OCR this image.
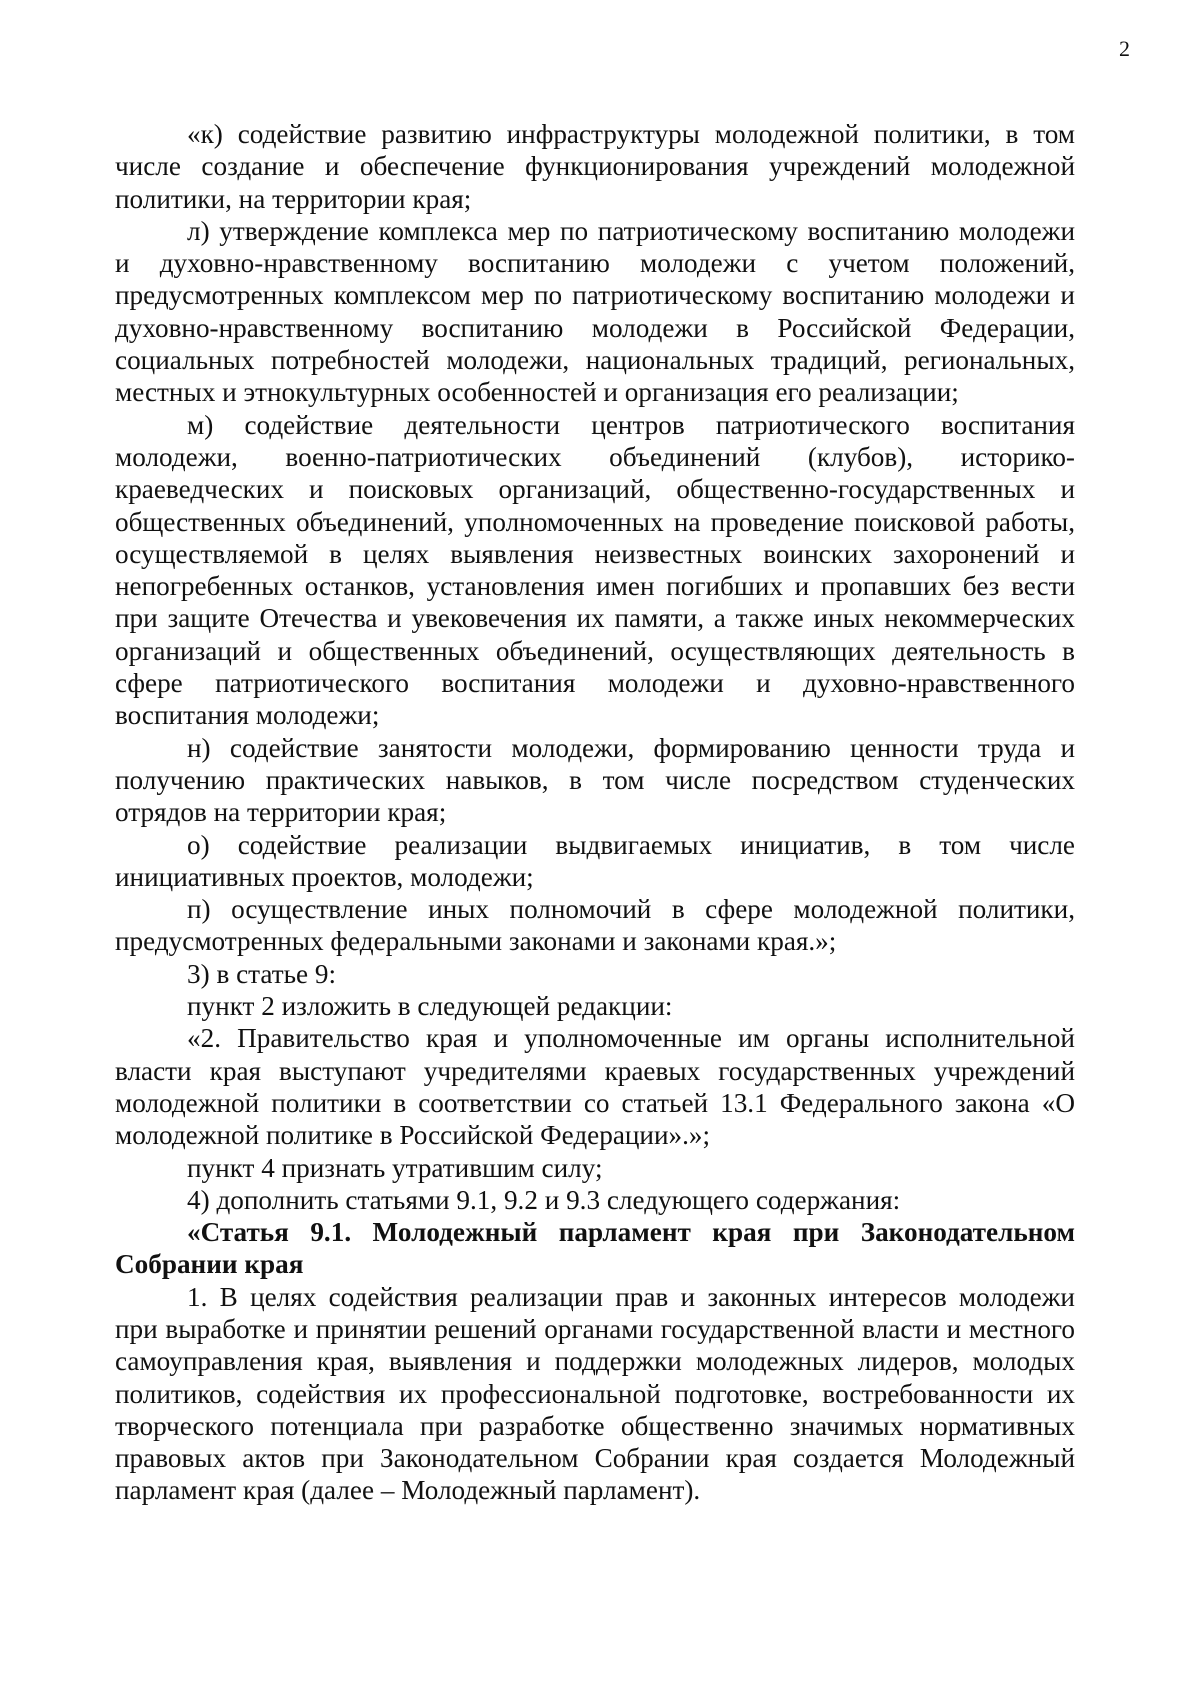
2

«к) содействие развитию инфраструктуры молодежной политики, в том числе создание и обеспечение функционирования учреждений молодежной политики, на территории края;

л) утверждение комплекса мер по патриотическому воспитанию молодежи и духовно-нравственному воспитанию молодежи с учетом положений, предусмотренных комплексом мер по патриотическому воспитанию молодежи и духовно-нравственному воспитанию молодежи в Российской Федерации, социальных потребностей молодежи, национальных традиций, региональных, местных и этнокультурных особенностей и организация его реализации;

м) содействие деятельности центров патриотического воспитания молодежи, военно-патриотических объединений (клубов), историко-краеведческих и поисковых организаций, общественно-государственных и общественных объединений, уполномоченных на проведение поисковой работы, осуществляемой в целях выявления неизвестных воинских захоронений и непогребенных останков, установления имен погибших и пропавших без вести при защите Отечества и увековечения их памяти, а также иных некоммерческих организаций и общественных объединений, осуществляющих деятельность в сфере патриотического воспитания молодежи и духовно-нравственного воспитания молодежи;

н) содействие занятости молодежи, формированию ценности труда и получению практических навыков, в том числе посредством студенческих отрядов на территории края;

о) содействие реализации выдвигаемых инициатив, в том числе инициативных проектов, молодежи;

п) осуществление иных полномочий в сфере молодежной политики, предусмотренных федеральными законами и законами края.»;

3) в статье 9:

пункт 2 изложить в следующей редакции:

«2. Правительство края и уполномоченные им органы исполнительной власти края выступают учредителями краевых государственных учреждений молодежной политики в соответствии со статьей 13.1 Федерального закона «О молодежной политике в Российской Федерации».»;

пункт 4 признать утратившим силу;

4) дополнить статьями 9.1, 9.2 и 9.3 следующего содержания:

«Статья 9.1. Молодежный парламент края при Законодательном Собрании края

1. В целях содействия реализации прав и законных интересов молодежи при выработке и принятии решений органами государственной власти и местного самоуправления края, выявления и поддержки молодежных лидеров, молодых политиков, содействия их профессиональной подготовке, востребованности их творческого потенциала при разработке общественно значимых нормативных правовых актов при Законодательном Собрании края создается Молодежный парламент края (далее – Молодежный парламент).
